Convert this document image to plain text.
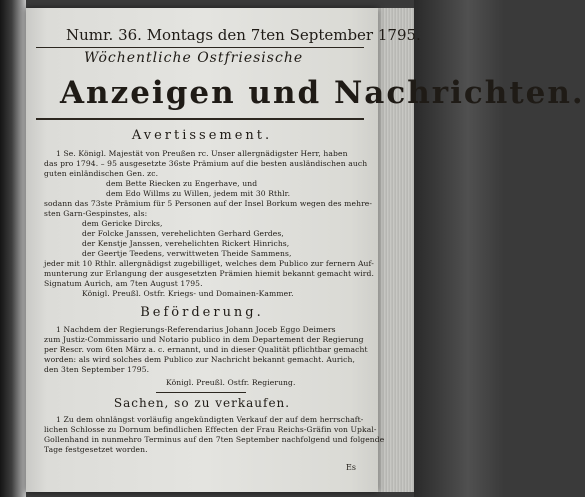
Numr. 36. Montags den 7ten September 1795.
Wöchentliche Ostfriesische
Anzeigen und Nachrichten.
Avertissement.
1 Se. Königl. Majestät von Preußen rc. Unser allergnädigster Herr, haben
das pro 1794. – 95 ausgesetzte 36ste Prämium auf die besten ausländischen auch
guten einländischen Gen. zc.
dem Bette Riecken zu Engerhave, und
dem Edo Willms zu Willen, jedem mit 30 Rthlr.
sodann das 73ste Prämium für 5 Personen auf der Insel Borkum wegen des mehre-
sten Garn-Gespinstes, als:
dem Gericke Dircks,
der Folcke Janssen, verehelichten Gerhard Gerdes,
der Kenstje Janssen, verehelichten Rickert Hinrichs,
der Geertje Teedens, verwittweten Theide Sammens,
jeder mit 10 Rthlr. allergnädigst zugebilliget, welches dem Publico zur fernern Auf-
munterung zur Erlangung der ausgesetzten Prämien hiemit bekannt gemacht wird.
Signatum Aurich, am 7ten August 1795.
Königl. Preußl. Ostfr. Kriegs- und Domainen-Kammer.
Beförderung.
1 Nachdem der Regierungs-Referendarius Johann Joceb Eggo Deimers
zum Justiz-Commissario und Notario publico in dem Departement der Regierung
per Rescr. vom 6ten März a. c. ernannt, und in dieser Qualität pflichtbar gemacht
worden: als wird solches dem Publico zur Nachricht bekannt gemacht. Aurich,
den 3ten September 1795.
Königl. Preußl. Ostfr. Regierung.
Sachen, so zu verkaufen.
1 Zu dem ohnlängst vorläufig angekündigten Verkauf der auf dem herrschaft-
lichen Schlosse zu Dornum befindlichen Effecten der Frau Reichs-Gräfin von Upkal-
Gollenhand in nunmehro Terminus auf den 7ten September nachfolgend und folgende
Tage festgesetzet worden.
Es
